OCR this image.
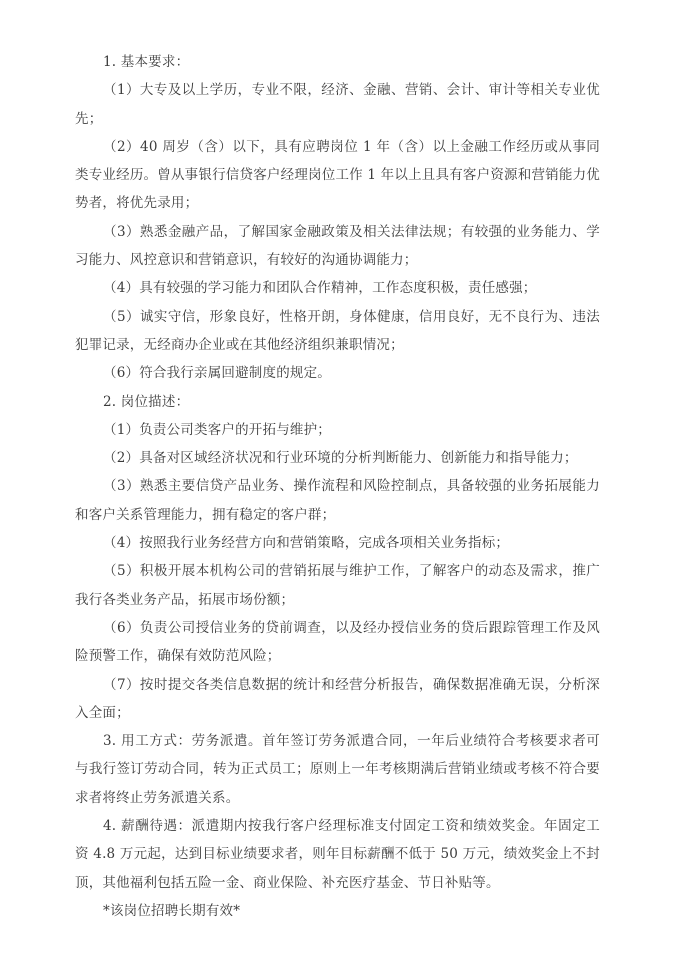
1. 基本要求：

（1）大专及以上学历，专业不限，经济、金融、营销、会计、审计等相关专业优先；

（2）40 周岁（含）以下，具有应聘岗位 1 年（含）以上金融工作经历或从事同类专业经历。曾从事银行信贷客户经理岗位工作 1 年以上且具有客户资源和营销能力优势者，将优先录用；

（3）熟悉金融产品，了解国家金融政策及相关法律法规；有较强的业务能力、学习能力、风控意识和营销意识，有较好的沟通协调能力；

（4）具有较强的学习能力和团队合作精神，工作态度积极，责任感强；

（5）诚实守信，形象良好，性格开朗，身体健康，信用良好，无不良行为、违法犯罪记录，无经商办企业或在其他经济组织兼职情况；

（6）符合我行亲属回避制度的规定。

2. 岗位描述：

（1）负责公司类客户的开拓与维护；

（2）具备对区域经济状况和行业环境的分析判断能力、创新能力和指导能力；

（3）熟悉主要信贷产品业务、操作流程和风险控制点，具备较强的业务拓展能力和客户关系管理能力，拥有稳定的客户群；

（4）按照我行业务经营方向和营销策略，完成各项相关业务指标；

（5）积极开展本机构公司的营销拓展与维护工作，了解客户的动态及需求，推广我行各类业务产品，拓展市场份额；

（6）负责公司授信业务的贷前调查，以及经办授信业务的贷后跟踪管理工作及风险预警工作，确保有效防范风险；

（7）按时提交各类信息数据的统计和经营分析报告，确保数据准确无误，分析深入全面；

3. 用工方式：劳务派遣。首年签订劳务派遣合同，一年后业绩符合考核要求者可与我行签订劳动合同，转为正式员工；原则上一年考核期满后营销业绩或考核不符合要求者将终止劳务派遣关系。

4. 薪酬待遇：派遣期内按我行客户经理标准支付固定工资和绩效奖金。年固定工资 4.8 万元起，达到目标业绩要求者，则年目标薪酬不低于 50 万元，绩效奖金上不封顶，其他福利包括五险一金、商业保险、补充医疗基金、节日补贴等。

*该岗位招聘长期有效*
